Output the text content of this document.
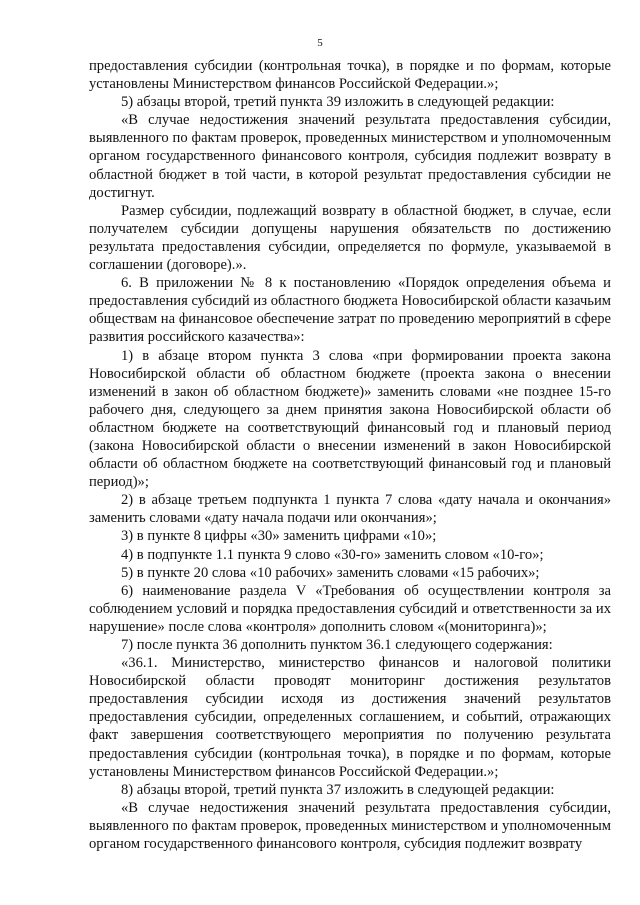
5

предоставления субсидии (контрольная точка), в порядке и по формам, которые установлены Министерством финансов Российской Федерации.»;

5) абзацы второй, третий пункта 39 изложить в следующей редакции:

«В случае недостижения значений результата предоставления субсидии, выявленного по фактам проверок, проведенных министерством и уполномоченным органом государственного финансового контроля, субсидия подлежит возврату в областной бюджет в той части, в которой результат предоставления субсидии не достигнут.

Размер субсидии, подлежащий возврату в областной бюджет, в случае, если получателем субсидии допущены нарушения обязательств по достижению результата предоставления субсидии, определяется по формуле, указываемой в соглашении (договоре).».

6. В приложении № 8 к постановлению «Порядок определения объема и предоставления субсидий из областного бюджета Новосибирской области казачьим обществам на финансовое обеспечение затрат по проведению мероприятий в сфере развития российского казачества»:

1) в абзаце втором пункта 3 слова «при формировании проекта закона Новосибирской области об областном бюджете (проекта закона о внесении изменений в закон об областном бюджете)» заменить словами «не позднее 15-го рабочего дня, следующего за днем принятия закона Новосибирской области об областном бюджете на соответствующий финансовый год и плановый период (закона Новосибирской области о внесении изменений в закон Новосибирской области об областном бюджете на соответствующий финансовый год и плановый период)»;

2) в абзаце третьем подпункта 1 пункта 7 слова «дату начала и окончания» заменить словами «дату начала подачи или окончания»;

3) в пункте 8 цифры «30» заменить цифрами «10»;

4) в подпункте 1.1 пункта 9 слово «30-го» заменить словом «10-го»;

5) в пункте 20 слова «10 рабочих» заменить словами «15 рабочих»;

6) наименование раздела V «Требования об осуществлении контроля за соблюдением условий и порядка предоставления субсидий и ответственности за их нарушение» после слова «контроля» дополнить словом «(мониторинга)»;

7) после пункта 36 дополнить пунктом 36.1 следующего содержания:

«36.1. Министерство, министерство финансов и налоговой политики Новосибирской области проводят мониторинг достижения результатов предоставления субсидии исходя из достижения значений результатов предоставления субсидии, определенных соглашением, и событий, отражающих факт завершения соответствующего мероприятия по получению результата предоставления субсидии (контрольная точка), в порядке и по формам, которые установлены Министерством финансов Российской Федерации.»;

8) абзацы второй, третий пункта 37 изложить в следующей редакции:

«В случае недостижения значений результата предоставления субсидии, выявленного по фактам проверок, проведенных министерством и уполномоченным органом государственного финансового контроля, субсидия подлежит возврату
